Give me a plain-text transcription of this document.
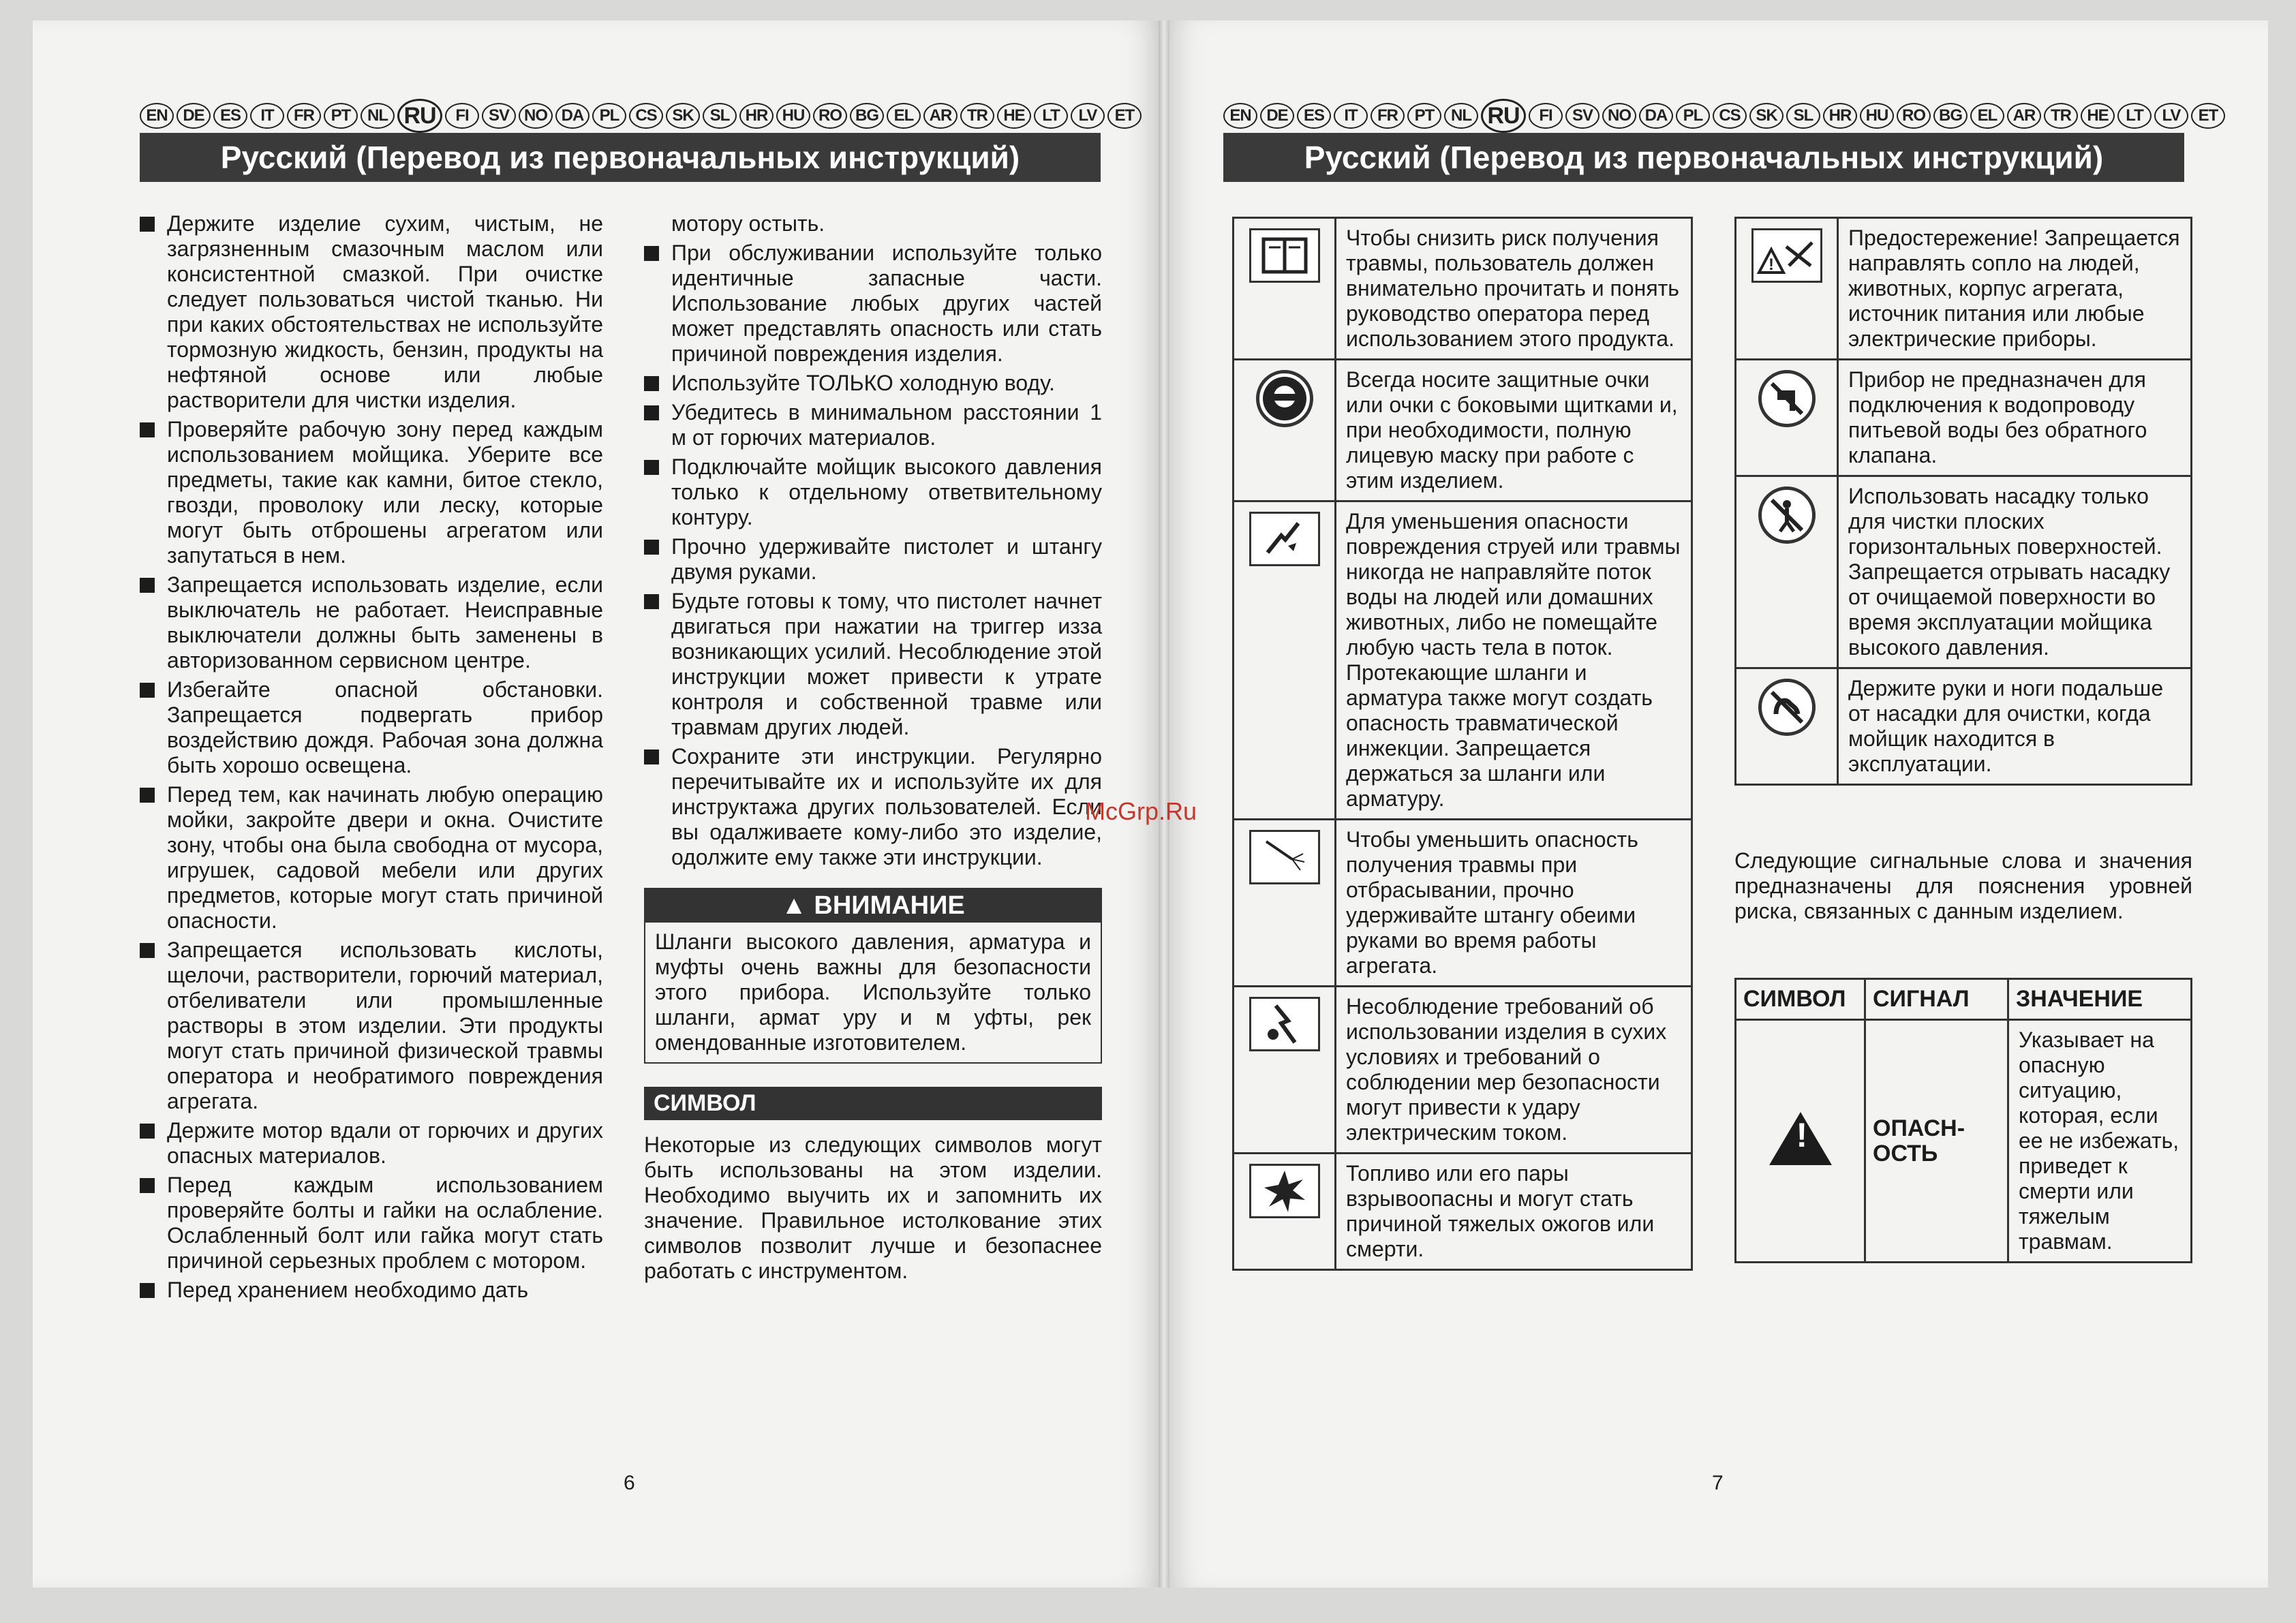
EN DE ES	IT	FR	PT	NL RU	FI	SV NO DA PL	CS SK SL HR HU RO BG EL AR TR HE	LT	LV	ET	EN DE ES	IT	FR	PT	NL RU	FI	SV NO DA PL	CS SK SL HR HU RO BG EL AR TR HE	LT	LV	ET
Русский (Перевод из первоначальных инструкций)	Русский (Перевод из первоначальных инструкций)
Держите изделие сухим, чистым, не загрязненным смазочным маслом или консистентной смазкой. При очистке следует пользоваться чистой тканью. Ни при каких обстоятельствах не используйте тормозную жидкость, бензин, продукты на нефтяной основе или любые растворители для чистки изделия.
Проверяйте рабочую зону перед каждым использованием мойщика. Уберите все предметы, такие как камни, битое стекло, гвозди, проволоку или леску, которые могут быть отброшены агрегатом или запутаться в нем.
Запрещается использовать изделие, если выключатель не работает. Неисправные выключатели должны быть заменены в авторизованном сервисном центре.
Избегайте опасной обстановки. Запрещается подвергать прибор воздействию дождя. Рабочая зона должна быть хорошо освещена.
Перед тем, как начинать любую операцию мойки, закройте двери и окна. Очистите зону, чтобы она была свободна от мусора, игрушек, садовой мебели или других предметов, которые могут стать причиной опасности.
Запрещается использовать кислоты, щелочи, растворители, горючий материал, отбеливатели или промышленные растворы в этом изделии. Эти продукты могут стать причиной физической травмы оператора и необратимого повреждения агрегата.
Держите мотор вдали от горючих и других опасных материалов.
Перед каждым использованием проверяйте болты и гайки на ослабление. Ослабленный болт или гайка могут стать причиной серьезных проблем с мотором.
Перед хранением необходимо дать
мотору остыть.
При обслуживании используйте только идентичные запасные части. Использование любых других частей может представлять опасность или стать причиной повреждения изделия.
Используйте ТОЛЬКО холодную воду.
Убедитесь в минимальном расстоянии 1 м от горючих материалов.
Подключайте мойщик высокого давления только к отдельному ответвительному контуру.
Прочно удерживайте пистолет и штангу двумя руками.
Будьте готовы к тому, что пистолет начнет двигаться при нажатии на триггер изза возникающих усилий. Несоблюдение этой инструкции может привести к утрате контроля и собственной травме или травмам других людей.
Сохраните эти инструкции. Регулярно перечитывайте их и используйте их для инструктажа других пользователей. Если вы одалживаете кому-либо это изделие, одолжите ему также эти инструкции.
▲ ВНИМАНИЕ
Шланги высокого давления, арматура и муфты очень важны для безопасности этого прибора. Используйте только шланги, армат уру и м уфты, рек омендованные изготовителем.
СИМВОЛ

Некоторые из следующих символов могут быть использованы на этом изделии. Необходимо выучить их и запомнить их значение. Правильное истолкование этих символов позволит лучше и безопаснее работать с инструментом.

McGrp.Ru
6
	Чтобы снизить риск получения травмы, пользователь должен внимательно прочитать и понять руководство оператора перед использованием этого продукта.

	Всегда носите защитные очки или очки с боковыми щитками и, при необходимости, полную лицевую маску при работе с этим изделием.

	Для уменьшения опасности повреждения струей или травмы никогда не направляйте поток воды на людей или домашних животных, либо не помещайте любую часть тела в поток. Протекающие шланги и арматура также могут создать опасность травматической инжекции. Запрещается держаться за шланги или арматуру.

	Чтобы уменьшить опасность получения травмы при отбрасывании, прочно удерживайте штангу обеими руками во время работы агрегата.

	Несоблюдение требований об использовании изделия в сухих условиях и требований о соблюдении мер безопасности могут привести к удару электрическим током.

	Топливо или его пары взрывоопасны и могут стать причиной тяжелых ожогов или смерти.
!	Предостережение! Запрещается направлять сопло на людей, животных, корпус агрегата, источник питания или любые электрические приборы.

	Прибор не предназначен для подключения к водопроводу питьевой воды без обратного клапана.

	Использовать насадку только для чистки плоских горизонтальных поверхностей. Запрещается отрывать насадку от очищаемой поверхности во время эксплуатации мойщика высокого давления.

	Держите руки и ноги подальше от насадки для очистки, когда мойщик находится в эксплуатации.

Следующие сигнальные слова и значения предназначены для пояснения уровней риска, связанных с данным изделием.

СИМВОЛ	СИГНАЛ	ЗНАЧЕНИЕ

!	ОПАСН- ОСТЬ	Указывает на опасную ситуацию, которая, если ее не избежать, приведет к смерти или тяжелым травмам.
7
